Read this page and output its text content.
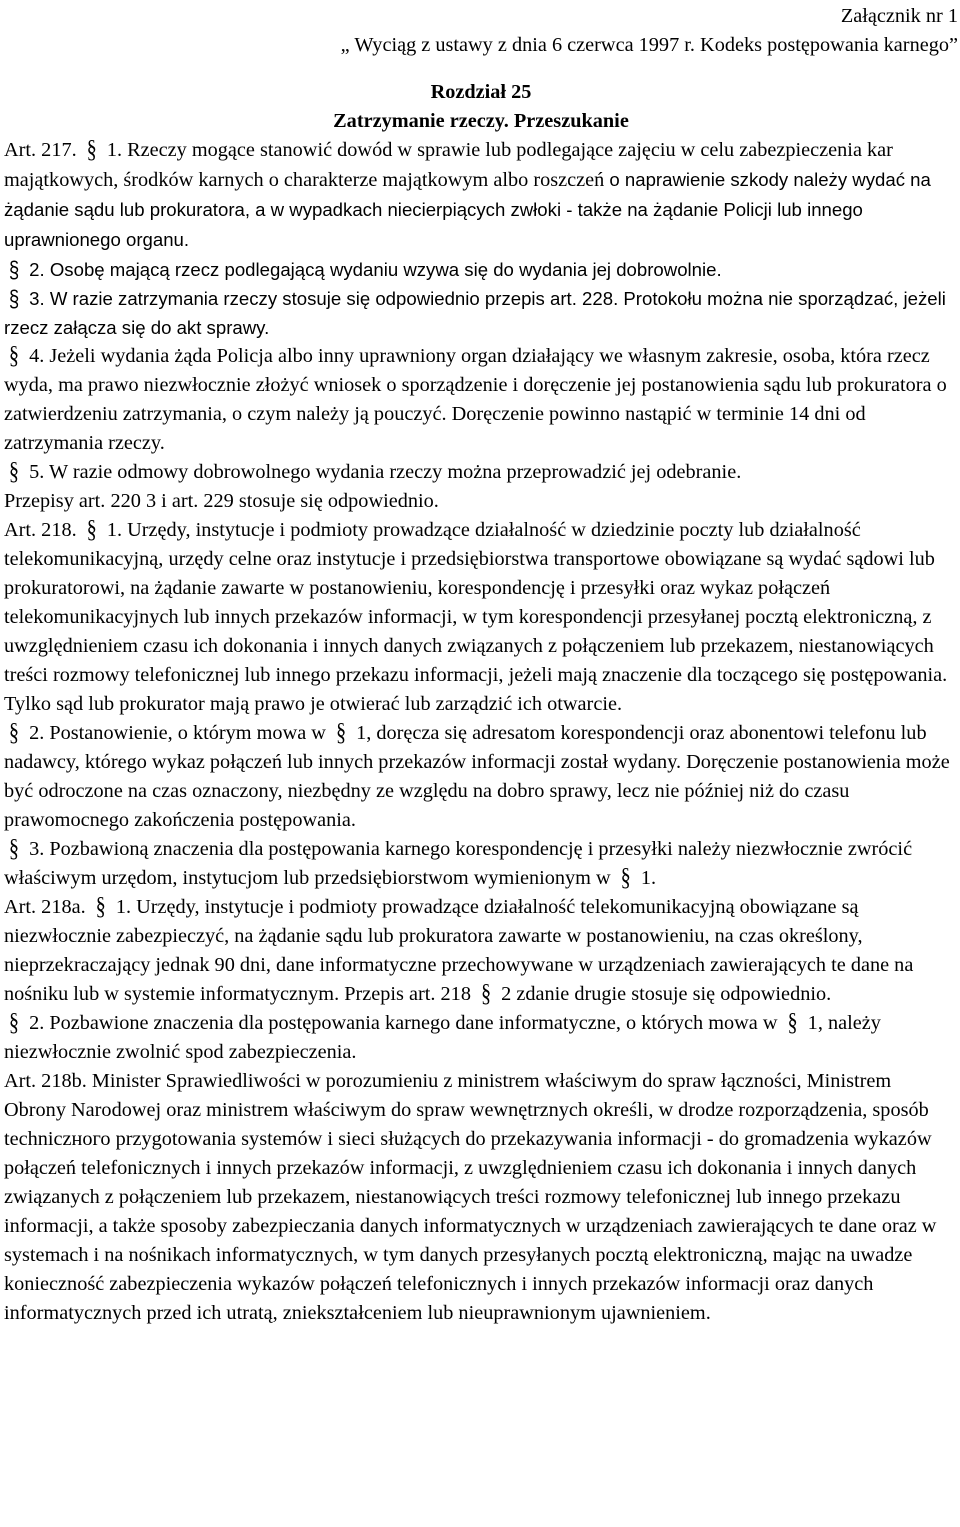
Załącznik nr 1

„ Wyciąg z ustawy z dnia 6 czerwca 1997 r. Kodeks postępowania karnego”

Rozdział 25

Zatrzymanie rzeczy. Przeszukanie

Art. 217. § 1. Rzeczy mogące stanowić dowód w sprawie lub podlegające zajęciu w celu zabezpieczenia kar majątkowych, środków karnych o charakterze majątkowym albo roszczeń o naprawienie szkody należy wydać na żądanie sądu lub prokuratora, a w wypadkach niecierpiących zwłoki - także na żądanie Policji lub innego uprawnionego organu.

§ 2. Osobę mającą rzecz podlegającą wydaniu wzywa się do wydania jej dobrowolnie.

§ 3. W razie zatrzymania rzeczy stosuje się odpowiednio przepis art. 228. Protokołu można nie sporządzać, jeżeli rzecz załącza się do akt sprawy.

§ 4. Jeżeli wydania żąda Policja albo inny uprawniony organ działający we własnym zakresie, osoba, która rzecz wyda, ma prawo niezwłocznie złożyć wniosek o sporządzenie i doręczenie jej postanowienia sądu lub prokuratora o zatwierdzeniu zatrzymania, o czym należy ją pouczyć. Doręczenie powinno nastąpić w terminie 14 dni od zatrzymania rzeczy.

§ 5. W razie odmowy dobrowolnego wydania rzeczy można przeprowadzić jej odebranie.

Przepisy art. 220 3 i art. 229 stosuje się odpowiednio.

Art. 218. § 1. Urzędy, instytucje i podmioty prowadzące działalność w dziedzinie poczty lub działalność telekomunikacyjną, urzędy celne oraz instytucje i przedsiębiorstwa transportowe obowiązane są wydać sądowi lub prokuratorowi, na żądanie zawarte w postanowieniu, korespondencję i przesyłki oraz wykaz połączeń telekomunikacyjnych lub innych przekazów informacji, w tym korespondencji przesyłanej pocztą elektroniczną, z uwzględnieniem czasu ich dokonania i innych danych związanych z połączeniem lub przekazem, niestanowiących treści rozmowy telefonicznej lub innego przekazu informacji, jeżeli mają znaczenie dla toczącego się postępowania. Tylko sąd lub prokurator mają prawo je otwierać lub zarządzić ich otwarcie.

§ 2. Postanowienie, o którym mowa w § 1, doręcza się adresatom korespondencji oraz abonentowi telefonu lub nadawcy, którego wykaz połączeń lub innych przekazów informacji został wydany. Doręczenie postanowienia może być odroczone na czas oznaczony, niezbędny ze względu na dobro sprawy, lecz nie później niż do czasu prawomocnego zakończenia postępowania.

§ 3. Pozbawioną znaczenia dla postępowania karnego korespondencję i przesyłki należy niezwłocznie zwrócić właściwym urzędom, instytucjom lub przedsiębiorstwom wymienionym w § 1.

Art. 218a. § 1. Urzędy, instytucje i podmioty prowadzące działalność telekomunikacyjną obowiązane są niezwłocznie zabezpieczyć, na żądanie sądu lub prokuratora zawarte w postanowieniu, na czas określony, nieprzekraczający jednak 90 dni, dane informatyczne przechowywane w urządzeniach zawierających te dane na nośniku lub w systemie informatycznym. Przepis art. 218 § 2 zdanie drugie stosuje się odpowiednio.

§ 2. Pozbawione znaczenia dla postępowania karnego dane informatyczne, o których mowa w § 1, należy niezwłocznie zwolnić spod zabezpieczenia.

Art. 218b. Minister Sprawiedliwości w porozumieniu z ministrem właściwym do spraw łączności, Ministrem Obrony Narodowej oraz ministrem właściwym do spraw wewnętrznych określi, w drodze rozporządzenia, sposób techniczного przygotowania systemów i sieci służących do przekazywania informacji - do gromadzenia wykazów połączeń telefonicznych i innych przekazów informacji, z uwzględnieniem czasu ich dokonania i innych danych związanych z połączeniem lub przekazem, niestanowiących treści rozmowy telefonicznej lub innego przekazu informacji, a także sposoby zabezpieczania danych informatycznych w urządzeniach zawierających te dane oraz w systemach i na nośnikach informatycznych, w tym danych przesyłanych pocztą elektroniczną, mając na uwadze konieczność zabezpieczenia wykazów połączeń telefonicznych i innych przekazów informacji oraz danych informatycznych przed ich utratą, zniekształceniem lub nieuprawnionym ujawnieniem.
